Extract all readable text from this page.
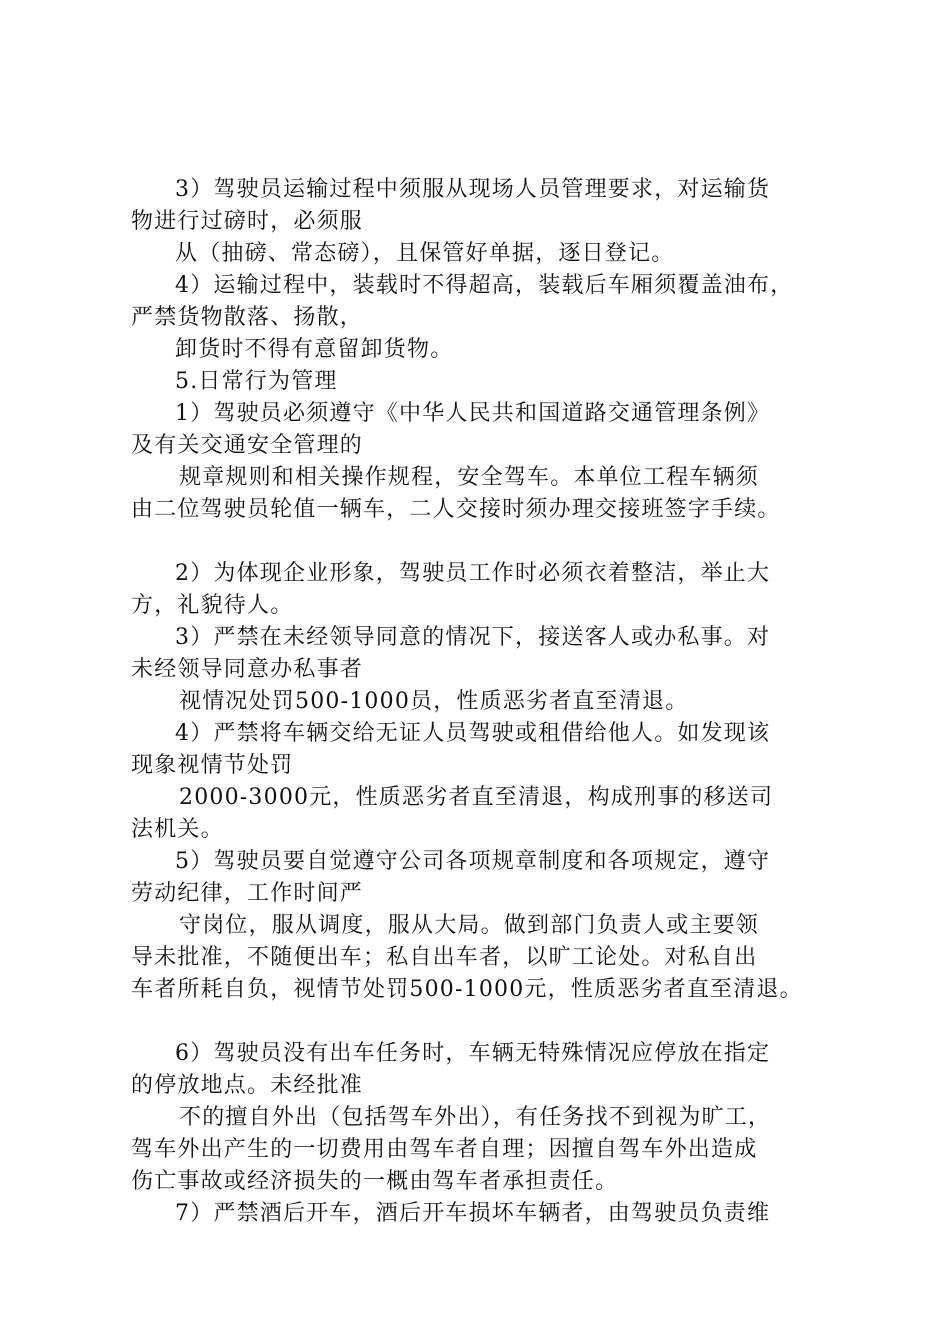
3）驾驶员运输过程中须服从现场人员管理要求，对运输货
物进行过磅时，必须服
从（抽磅、常态磅），且保管好单据，逐日登记。
4）运输过程中，装载时不得超高，装载后车厢须覆盖油布，
严禁货物散落、扬散，
卸货时不得有意留卸货物。
5.日常行为管理
1）驾驶员必须遵守《中华人民共和国道路交通管理条例》
及有关交通安全管理的
规章规则和相关操作规程，安全驾车。本单位工程车辆须
由二位驾驶员轮值一辆车，二人交接时须办理交接班签字手续。
2）为体现企业形象，驾驶员工作时必须衣着整洁，举止大
方，礼貌待人。
3）严禁在未经领导同意的情况下，接送客人或办私事。对
未经领导同意办私事者
视情况处罚500-1000员，性质恶劣者直至清退。
4）严禁将车辆交给无证人员驾驶或租借给他人。如发现该
现象视情节处罚
2000-3000元，性质恶劣者直至清退，构成刑事的移送司
法机关。
5）驾驶员要自觉遵守公司各项规章制度和各项规定，遵守
劳动纪律，工作时间严
守岗位，服从调度，服从大局。做到部门负责人或主要领
导未批准，不随便出车；私自出车者，以旷工论处。对私自出
车者所耗自负，视情节处罚500-1000元，性质恶劣者直至清退。
6）驾驶员没有出车任务时，车辆无特殊情况应停放在指定
的停放地点。未经批准
不的擅自外出（包括驾车外出），有任务找不到视为旷工，
驾车外出产生的一切费用由驾车者自理；因擅自驾车外出造成
伤亡事故或经济损失的一概由驾车者承担责任。
7）严禁酒后开车，酒后开车损坏车辆者，由驾驶员负责维
